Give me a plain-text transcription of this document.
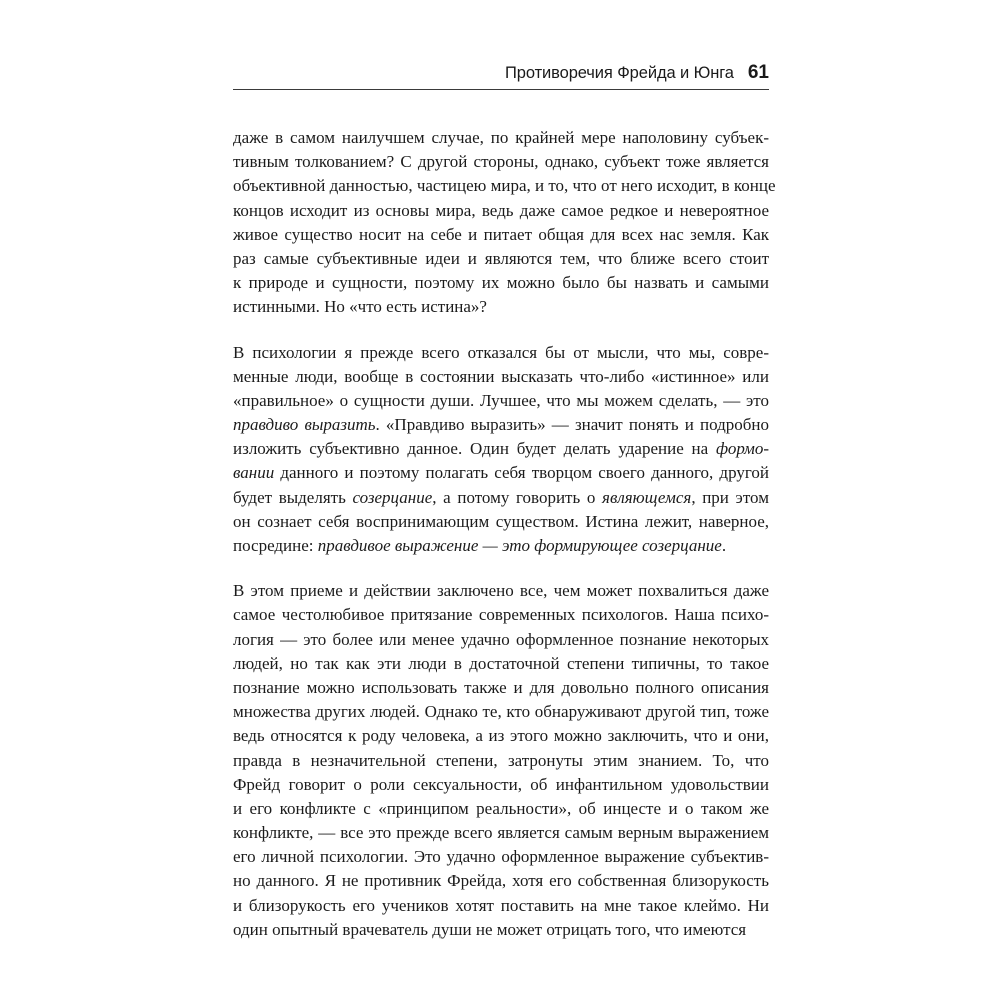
Противоречия Фрейда и Юнга 61
даже в самом наилучшем случае, по крайней мере наполовину субъек-
тивным толкованием? С другой стороны, однако, субъект тоже является
объективной данностью, частицею мира, и то, что от него исходит, в конце
концов исходит из основы мира, ведь даже самое редкое и невероятное
живое существо носит на себе и питает общая для всех нас земля. Как
раз самые субъективные идеи и являются тем, что ближе всего стоит
к природе и сущности, поэтому их можно было бы назвать и самыми
истинными. Но «что есть истина»?
В психологии я прежде всего отказался бы от мысли, что мы, совре-
менные люди, вообще в состоянии высказать что-либо «истинное» или
«правильное» о сущности души. Лучшее, что мы можем сделать, — это
правдиво выразить. «Правдиво выразить» — значит понять и подробно
изложить субъективно данное. Один будет делать ударение на формо-
вании данного и поэтому полагать себя творцом своего данного, другой
будет выделять созерцание, а потому говорить о являющемся, при этом
он сознает себя воспринимающим существом. Истина лежит, наверное,
посредине: правдивое выражение — это формирующее созерцание.
В этом приеме и действии заключено все, чем может похвалиться даже
самое честолюбивое притязание современных психологов. Наша психо-
логия — это более или менее удачно оформленное познание некоторых
людей, но так как эти люди в достаточной степени типичны, то такое
познание можно использовать также и для довольно полного описания
множества других людей. Однако те, кто обнаруживают другой тип, тоже
ведь относятся к роду человека, а из этого можно заключить, что и они,
правда в незначительной степени, затронуты этим знанием. То, что
Фрейд говорит о роли сексуальности, об инфантильном удовольствии
и его конфликте с «принципом реальности», об инцесте и о таком же
конфликте, — все это прежде всего является самым верным выражением
его личной психологии. Это удачно оформленное выражение субъектив-
но данного. Я не противник Фрейда, хотя его собственная близорукость
и близорукость его учеников хотят поставить на мне такое клеймо. Ни
один опытный врачеватель души не может отрицать того, что имеются
